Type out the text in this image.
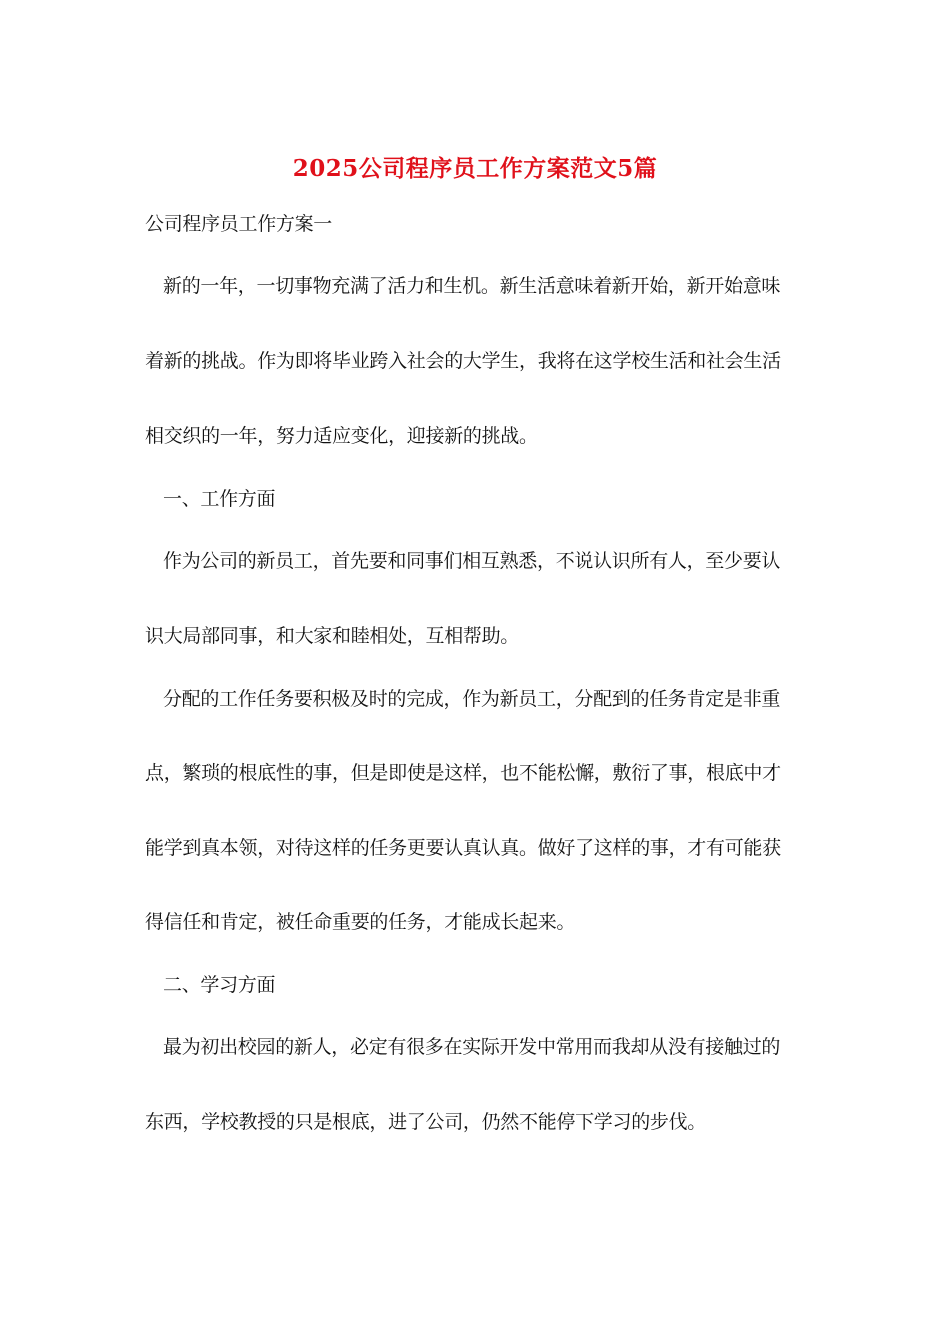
2025公司程序员工作方案范文5篇
公司程序员工作方案一
新的一年，一切事物充满了活力和生机。新生活意味着新开始，新开始意味
着新的挑战。作为即将毕业跨入社会的大学生，我将在这学校生活和社会生活
相交织的一年，努力适应变化，迎接新的挑战。
一、工作方面
作为公司的新员工，首先要和同事们相互熟悉，不说认识所有人，至少要认
识大局部同事，和大家和睦相处，互相帮助。
分配的工作任务要积极及时的完成，作为新员工，分配到的任务肯定是非重
点，繁琐的根底性的事，但是即使是这样，也不能松懈，敷衍了事，根底中才
能学到真本领，对待这样的任务更要认真认真。做好了这样的事，才有可能获
得信任和肯定，被任命重要的任务，才能成长起来。
二、学习方面
最为初出校园的新人，必定有很多在实际开发中常用而我却从没有接触过的
东西，学校教授的只是根底，进了公司，仍然不能停下学习的步伐。
